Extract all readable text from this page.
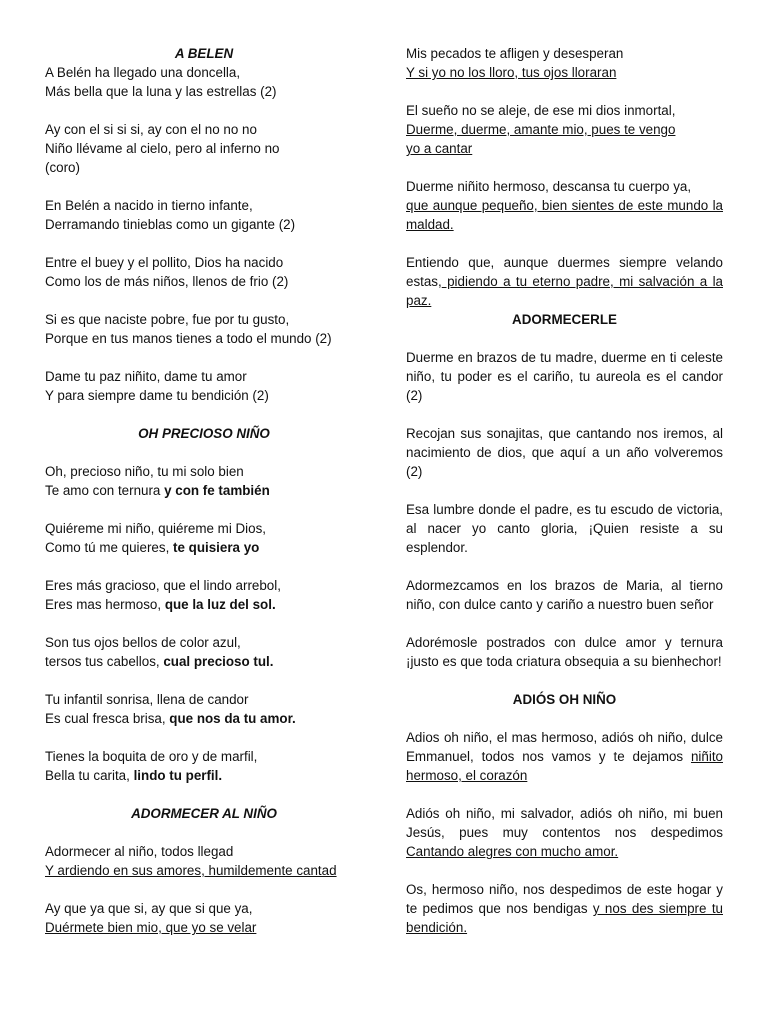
A BELEN
A Belén ha llegado una doncella,
Más bella que la luna y las estrellas (2)
Ay con el si si si, ay con el no no no
Niño llévame al cielo, pero al inferno no
(coro)
En Belén a nacido in tierno infante,
Derramando tinieblas como un gigante (2)
Entre el buey y el pollito, Dios ha nacido
Como los de más niños, llenos de frio (2)
Si es que naciste pobre, fue por tu gusto,
Porque en tus manos tienes a todo el mundo (2)
Dame tu paz niñito, dame tu amor
Y para siempre dame tu bendición (2)
OH PRECIOSO NIÑO
Oh, precioso niño, tu mi solo bien
Te amo con ternura y con fe también
Quiéreme mi niño, quiéreme mi Dios,
Como tú me quieres, te quisiera yo
Eres más gracioso, que el lindo arrebol,
Eres mas hermoso, que la luz del sol.
Son tus ojos bellos de color azul,
tersos tus cabellos, cual precioso tul.
Tu infantil sonrisa, llena de candor
Es cual fresca brisa, que nos da tu amor.
Tienes la boquita de oro y de marfil,
Bella tu carita, lindo tu perfil.
ADORMECER AL NIÑO
Adormecer al niño, todos llegad
Y ardiendo en sus amores, humildemente cantad
Ay que ya que si, ay que si que ya,
Duérmete bien mio, que yo se velar
Mis pecados te afligen y desesperan
Y si yo no los lloro, tus ojos lloraran
El sueño no se aleje, de ese mi dios inmortal,
Duerme, duerme, amante mio, pues te vengo
yo a cantar
Duerme niñito hermoso, descansa tu cuerpo ya,
que aunque pequeño, bien sientes de este mundo la maldad.
Entiendo que, aunque duermes siempre velando estas, pidiendo a tu eterno padre, mi salvación a la paz.
ADORMECERLE
Duerme en brazos de tu madre, duerme en ti celeste niño, tu poder es el cariño, tu aureola es el candor (2)
Recojan sus sonajitas, que cantando nos iremos, al nacimiento de dios, que aquí a un año volveremos (2)
Esa lumbre donde el padre, es tu escudo de victoria, al nacer yo canto gloria, ¡Quien resiste a su esplendor.
Adormezcamos en los brazos de Maria, al tierno niño, con dulce canto y cariño a nuestro buen señor
Adorémosle postrados con dulce amor y ternura ¡justo es que toda criatura obsequia a su bienhechor!
ADIÓS OH NIÑO
Adios oh niño, el mas hermoso, adiós oh niño, dulce Emmanuel, todos nos vamos y te dejamos niñito hermoso, el corazón
Adiós oh niño, mi salvador, adiós oh niño, mi buen Jesús, pues muy contentos nos despedimos Cantando alegres con mucho amor.
Os, hermoso niño, nos despedimos de este hogar y te pedimos que nos bendigas y nos des siempre tu bendición.
